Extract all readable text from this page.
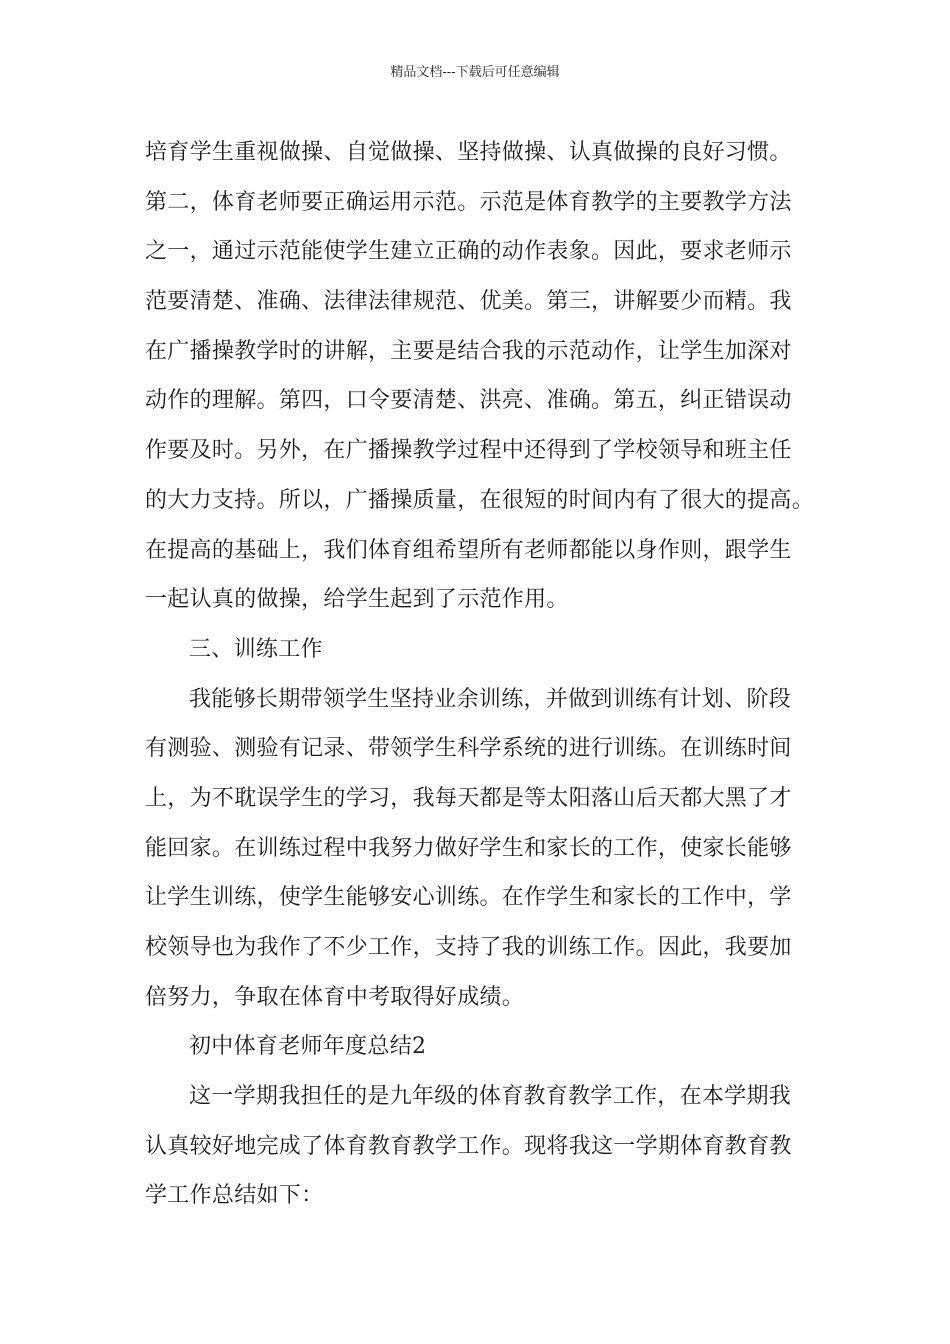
精品文档---下载后可任意编辑
培育学生重视做操、自觉做操、坚持做操、认真做操的良好习惯。
第二，体育老师要正确运用示范。示范是体育教学的主要教学方法
之一，通过示范能使学生建立正确的动作表象。因此，要求老师示
范要清楚、准确、法律法律规范、优美。第三，讲解要少而精。我
在广播操教学时的讲解，主要是结合我的示范动作，让学生加深对
动作的理解。第四，口令要清楚、洪亮、准确。第五，纠正错误动
作要及时。另外，在广播操教学过程中还得到了学校领导和班主任
的大力支持。所以，广播操质量，在很短的时间内有了很大的提高。
在提高的基础上，我们体育组希望所有老师都能以身作则，跟学生
一起认真的做操，给学生起到了示范作用。
三、训练工作
我能够长期带领学生坚持业余训练，并做到训练有计划、阶段
有测验、测验有记录、带领学生科学系统的进行训练。在训练时间
上，为不耽误学生的学习，我每天都是等太阳落山后天都大黑了才
能回家。在训练过程中我努力做好学生和家长的工作，使家长能够
让学生训练，使学生能够安心训练。在作学生和家长的工作中，学
校领导也为我作了不少工作，支持了我的训练工作。因此，我要加
倍努力，争取在体育中考取得好成绩。
初中体育老师年度总结2
这一学期我担任的是九年级的体育教育教学工作，在本学期我
认真较好地完成了体育教育教学工作。现将我这一学期体育教育教
学工作总结如下：
